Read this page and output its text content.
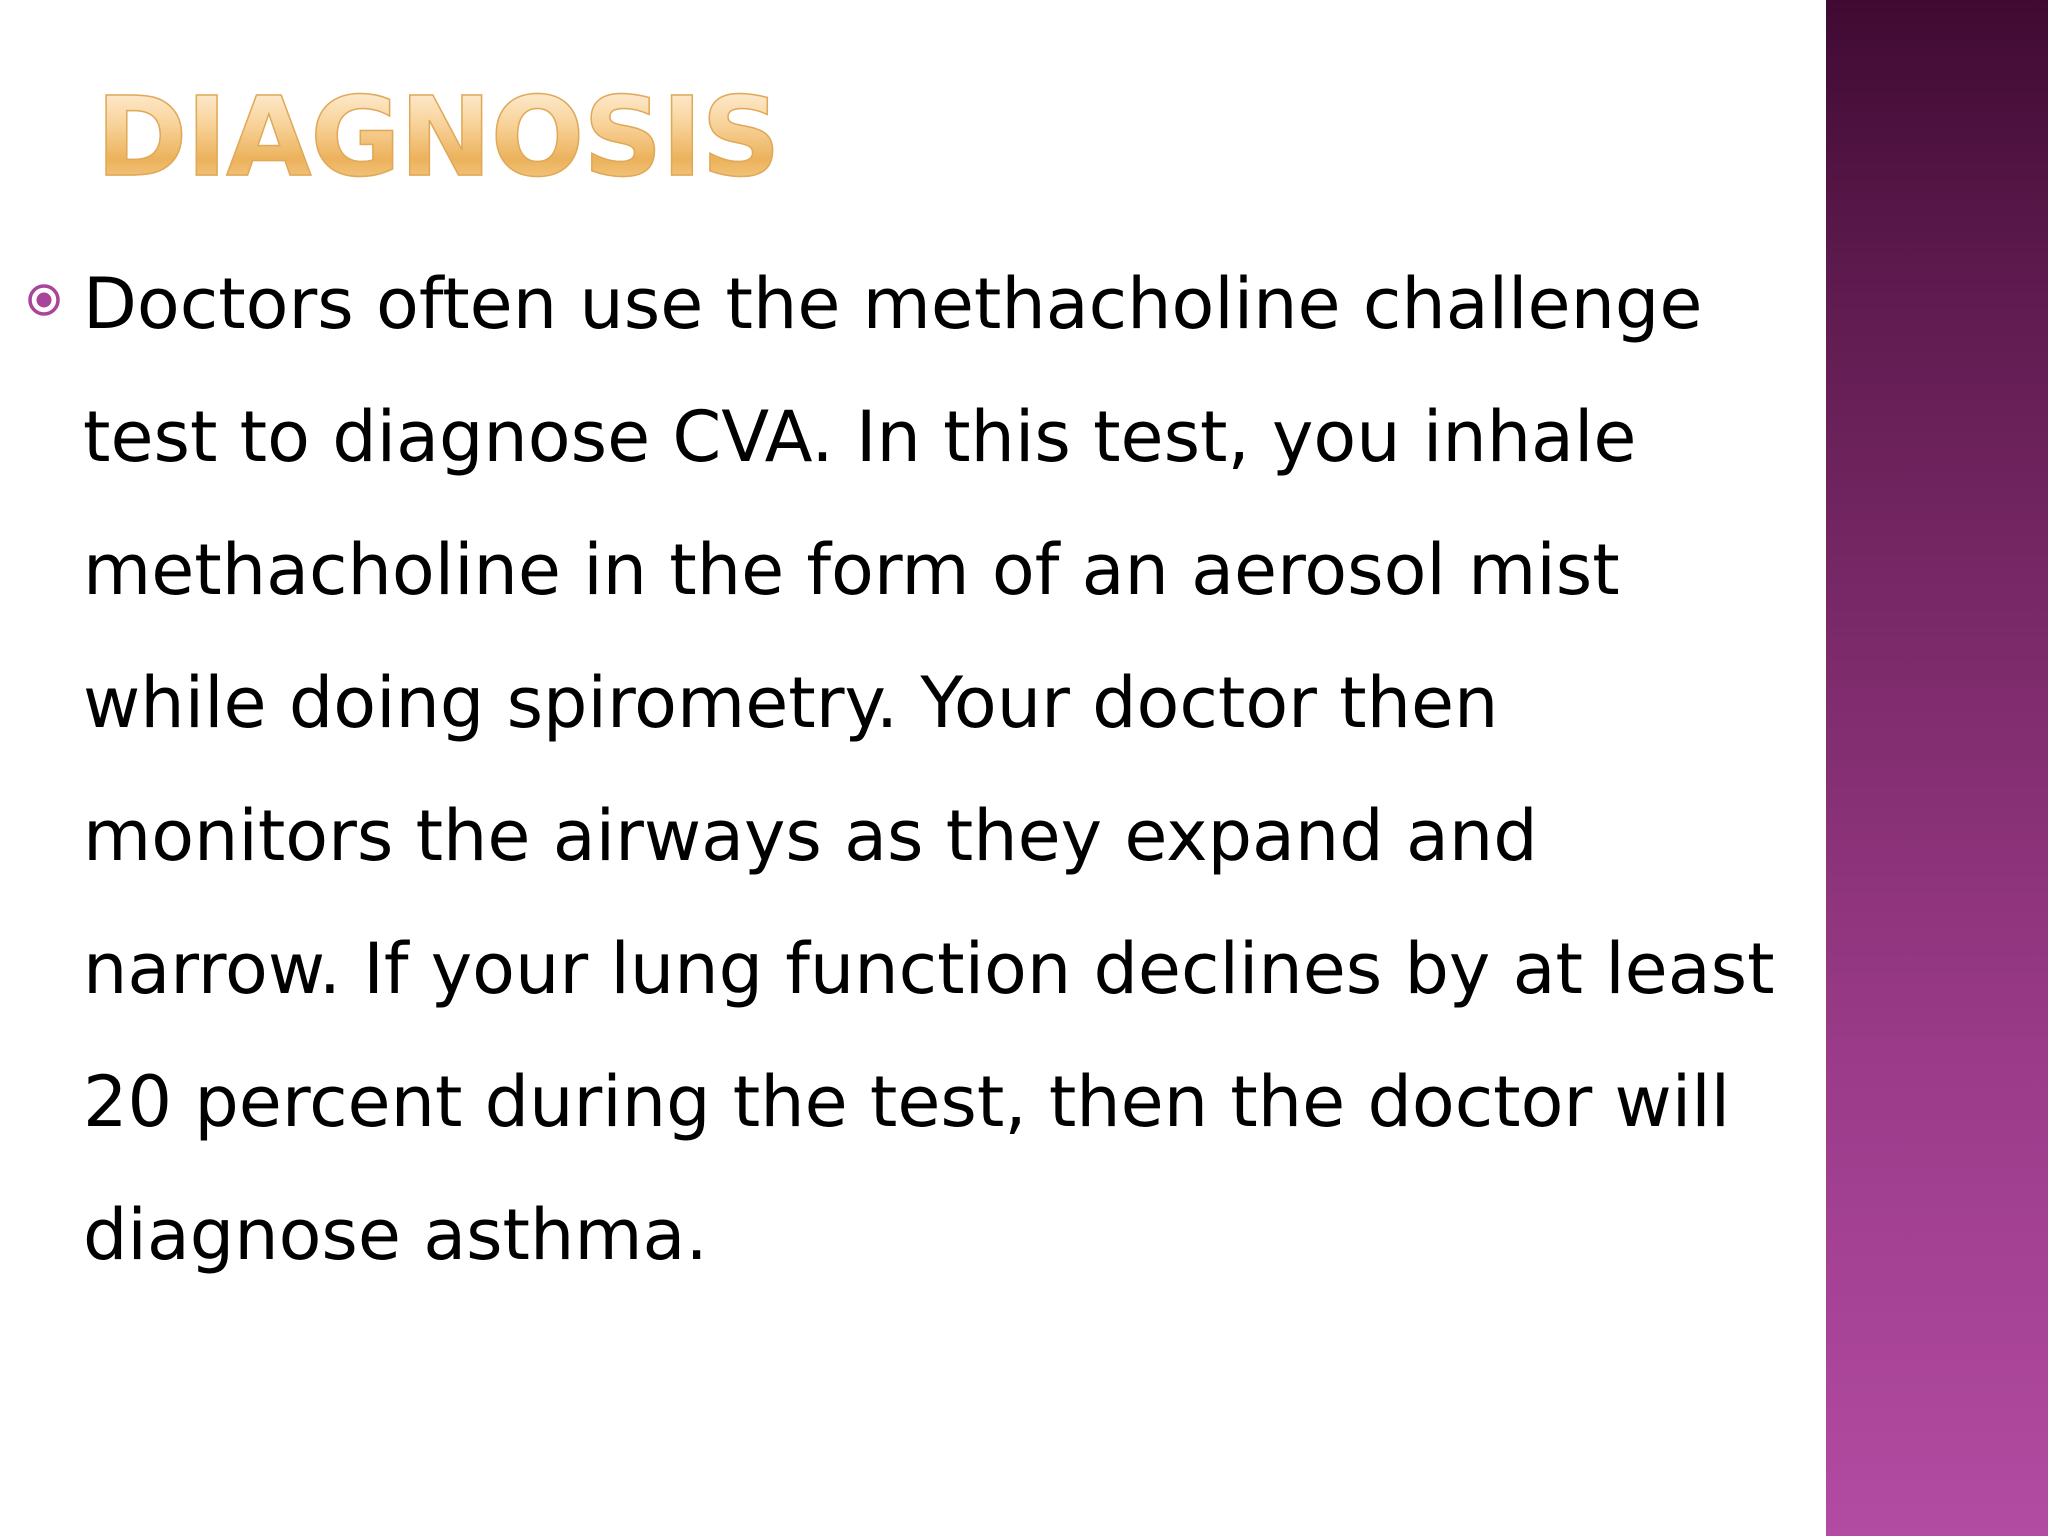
DIAGNOSIS

Doctors often use the methacholine challenge test to diagnose CVA. In this test, you inhale methacholine in the form of an aerosol mist while doing spirometry. Your doctor then monitors the airways as they expand and narrow. If your lung function declines by at least 20 percent during the test, then the doctor will diagnose asthma.
